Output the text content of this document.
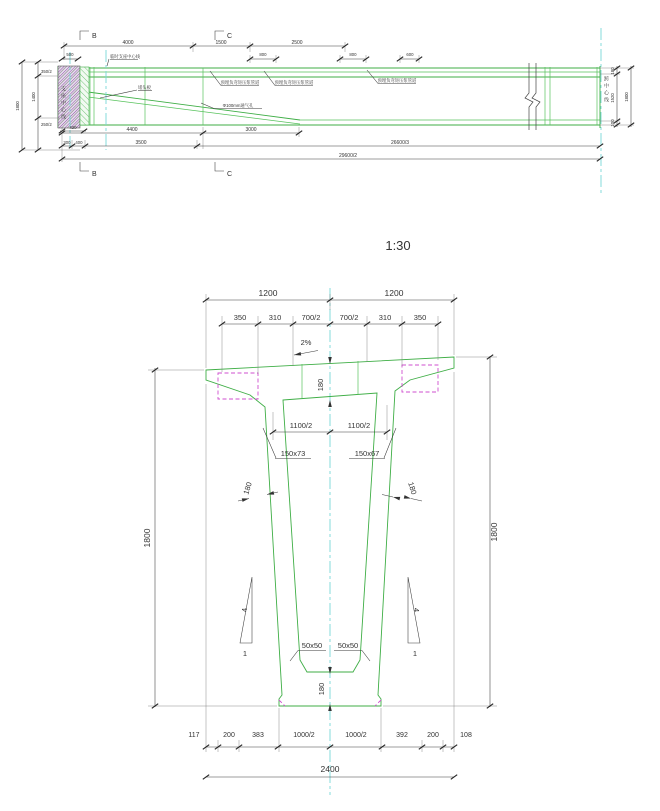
B	C
B	C
4000	1500	2500
500	800	800	600
临时支座中心线
堵头板
预埋负弯矩压浆管道	预埋负弯矩压浆管道	预埋负弯矩压浆管道
Φ100mm通气孔
支座中心线	跨中心线
350/2
1400
250/2
1800
420
180
1520
100
1800
4400	3000
300 400	3500	26600/3
29600/2
1:30
1200	1200
350	310	700/2	700/2	310	350
2%
180
1100/2	1100/2
150x73	150x67
180	180
1800	1800
4
1
4
1
50x50 50x50
180
117	200 383	1000/2	1000/2	392	200	108
2400
